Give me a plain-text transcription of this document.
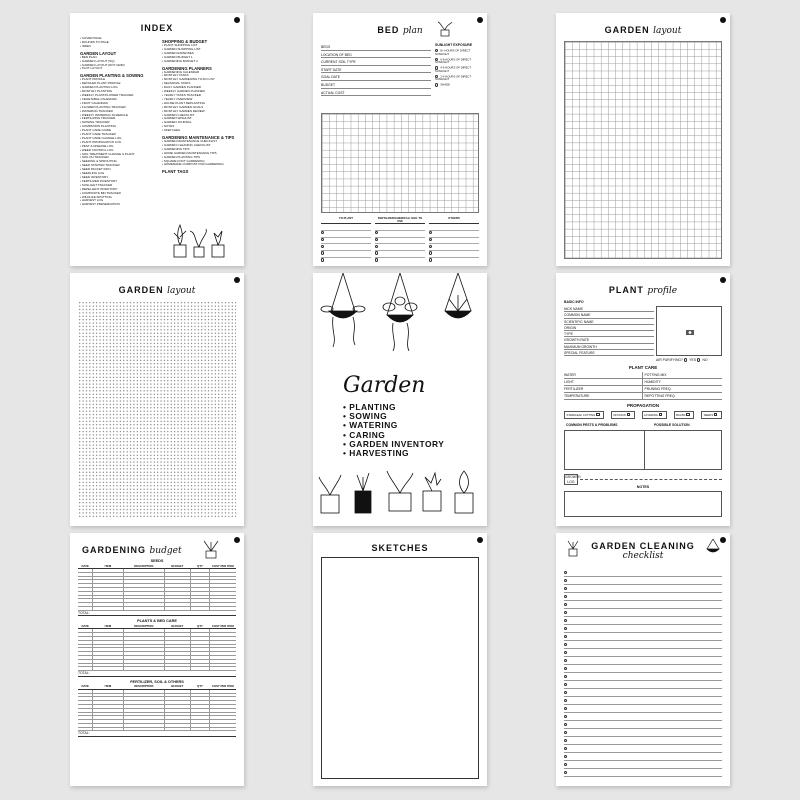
INDEX
• COVER PAGE
• ROUNDS TO PAGE
• INDEX
GARDEN LAYOUT
• BED PLAN
• GARDEN LAYOUT (SQ)
• GARDEN LAYOUT (DOT GRID)
• PLOT LAYOUT
GARDEN PLANTING & SOWING
• PLANT PROFILE
• DETAILED PLANT PROFILE
• GARDEN PLANTING LOG
• MONTHLY PLANTING
• WEEKLY PLANT/FLOWER TRACKER
• VEGETABLE CALENDAR
• FRUIT CALENDAR
• FLOWER PLANTING TRACKER
• WATERING TRACKER
• WEEKLY WATERING SCHEDULE
• FERTILIZING TRACKER
• SOWING TRACKER
• COMPANION PLANTING
• PLANT CARE GUIDE
• PLANT CARE TRACKER
• PLANT CARE CHANGE LOG
• PLANT PROPAGATION LOG
• PEST & DISEASE LOG
• WEED CONTROL LOG
• SOIL TREATMENT CHANGE & PLANT
• SOIL PH TRACKER
• SEEDING & SPROUTING
• SEED STARTER TRACKER
• SEED PACKET INFO
• SEEDLING LOG
• SEED INVENTORY
• FERTILIZER INVENTORY
• SUNLIGHT TRACKER
• REPELLENT INVENTORY
• COMPOSITE BIN TRACKER
• WILDLIFE SPOTTING
• HARVEST LOG
• HARVEST PRESERVATION
SHOPPING & BUDGET
• PLANT SHOPPING LIST
• GARDEN SHOPPING LIST
• GARDEN EXPENSES
• GARDEN BUDGET 1
• GARDENING BUDGET 2
GARDENING PLANNERS
• GARDENING CALENDAR
• MONTHLY TASKS
• MONTHLY GARDENING TO-DO LIST
• SEASONAL TASKS
• DAILY GARDEN PLANNER
• WEEKLY GARDEN PLANNER
• YEARLY TASKS TRACKER
• YEARLY OVERVIEW
• HOUSE PLANT REPLANTING
• MONTHLY GARDEN GOALS
• MONTHLY GARDEN REVIEW
• GARDEN CHECKLIST
• GARDEN WISHLIST
• GARDEN JOURNAL
• NOTES
• SKETCHES
GARDENING MAINTENANCE & TIPS
• GARDEN MAINTENANCE CHECKLIST
• GARDEN CLEANING CHECKLIST
• GARDENING TIPS
• HOME GARDEN MAINTENANCE TIPS
• GARDEN PLANTING TIPS
• SQUARE FOOT GARDENING
• HOMEMADE COMPOST FOR GARDENING
PLANT TAGS
BED plan
BEDS
LOCATION OF BED
CURRENT SOIL TYPE
START DATE
GOAL DATE
BUDGET
ACTUAL COST
SUNLIGHT EXPOSURE
8+ HOURS OF DIRECT SUNLIGHT
6-8 HOURS OF DIRECT SUNLIGHT
4-6 HOURS OF DIRECT SUNLIGHT
2-4 HOURS OF DIRECT SUNLIGHT
SHADE
TO PLANT	FERTILIZER/CHEMICAL/ SOIL TO USE
OTHERS
GARDEN layout
GARDEN layout
Garden
• PLANTING
• SOWING
• WATERING
• CARING
• GARDEN INVENTORY
• HARVESTING
PLANT profile
BASIC INFO
NICK NAME
COMMON NAME
SCIENTIFIC NAME
ORIGIN
TYPE
GROWTH RATE
MAXIMUM GROWTH
SPECIAL FEATURE
AIR PURIFYING? YES NO
PLANT CARE
WATER	POTTING MIX
LIGHT	HUMIDITY
FERTILIZER	PRUNING FREQ.
TEMPERATURE	REPOTTING FREQ.
PROPAGATION
STEM/LEAF CUTTING	DIVISION	LAYERING	BULBS	SEEDS
COMMON PESTS & PROBLEMS	POSSIBLE SOLUTION
GROWTH LOG
NOTES
GARDENING budget
SEEDS
DATE	ITEM	DESCRIPTION	BUDGET	QTY	COST PER ITEM

TOTAL:
PLANTS & BED CARE
DATE	ITEM	DESCRIPTION	BUDGET	QTY	COST PER ITEM

TOTAL:
FERTILIZER, SOIL & OTHERS
DATE	ITEM	DESCRIPTION	BUDGET	QTY	COST PER ITEM

TOTAL:
SKETCHES	GARDEN CLEANING
checklist
